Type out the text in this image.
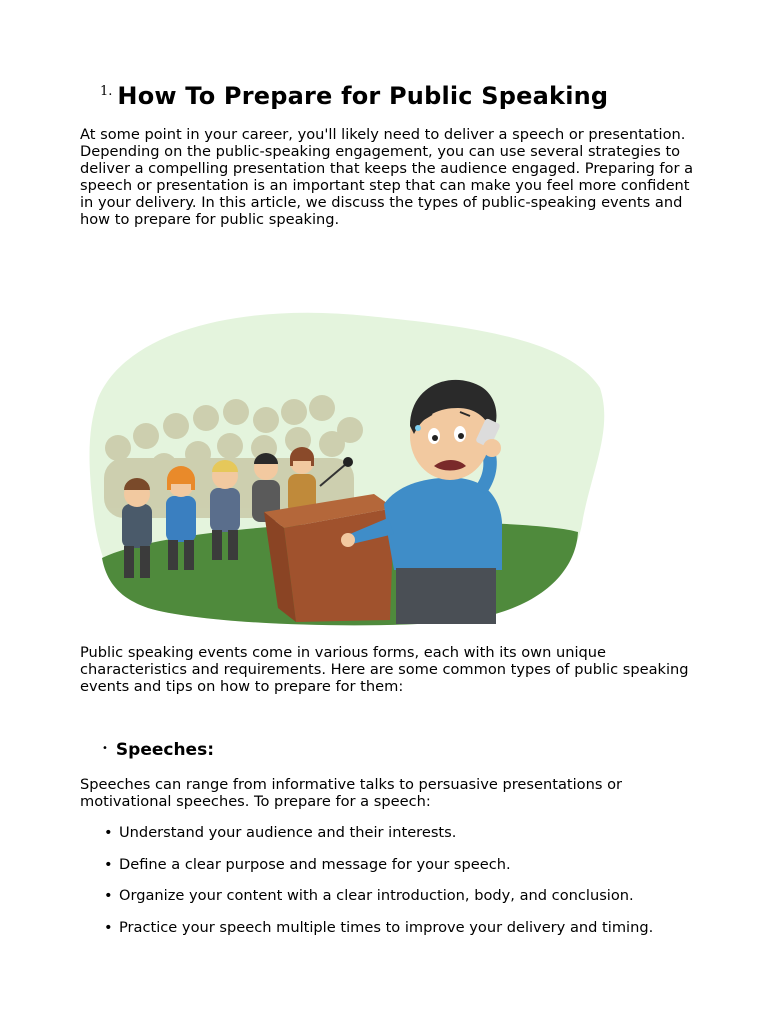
1. How To Prepare for Public Speaking

At some point in your career, you'll likely need to deliver a speech or presentation. Depending on the public-speaking engagement, you can use several strategies to deliver a compelling presentation that keeps the audience engaged. Preparing for a speech or presentation is an important step that can make you feel more confident in your delivery. In this article, we discuss the types of public-speaking events and how to prepare for public speaking.

Public speaking events come in various forms, each with its own unique characteristics and requirements. Here are some common types of public speaking events and tips on how to prepare for them:

• Speeches:

Speeches can range from informative talks to persuasive presentations or motivational speeches. To prepare for a speech:

• Understand your audience and their interests.
• Define a clear purpose and message for your speech.
• Organize your content with a clear introduction, body, and conclusion.
• Practice your speech multiple times to improve your delivery and timing.
